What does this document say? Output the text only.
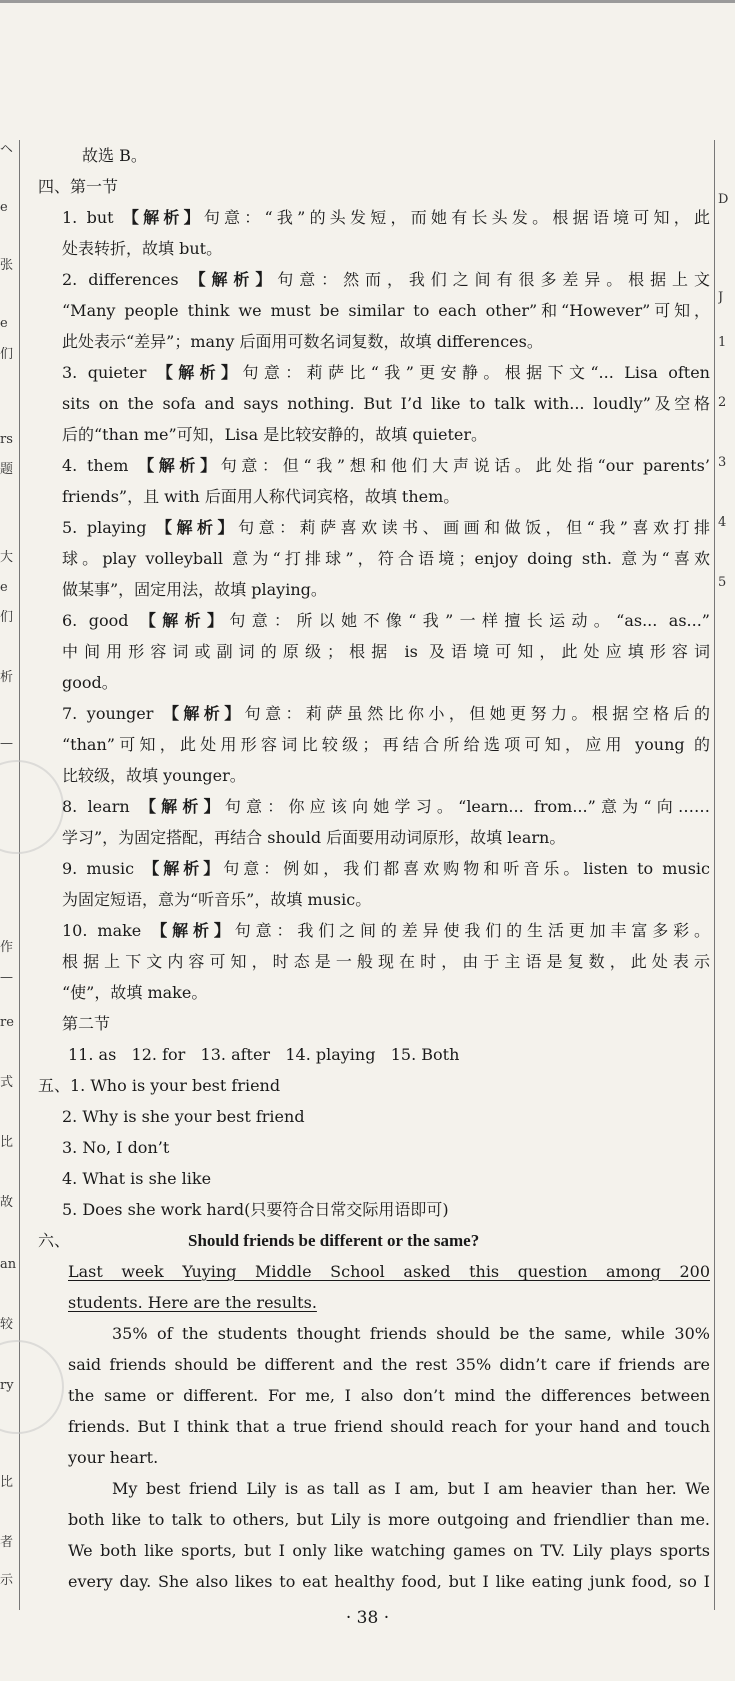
ヘ
e
张
e
们
rs
题
大
e
们
析
—
作
—
re
式
比
故
an
较
ry
比
者
示
D
J
1
2
3
4
5
故选 B。
四、第一节
1. but 【解析】句意：“我”的头发短，而她有长头发。根据语境可知，此
处表转折，故填 but。
2. differences 【解析】句意：然而，我们之间有很多差异。根据上文
“Many people think we must be similar to each other”和“However”可知，
此处表示“差异”；many 后面用可数名词复数，故填 differences。
3. quieter 【解析】句意：莉萨比“我”更安静。根据下文“... Lisa often
sits on the sofa and says nothing. But I’d like to talk with... loudly”及空格
后的“than me”可知，Lisa 是比较安静的，故填 quieter。
4. them 【解析】句意：但“我”想和他们大声说话。此处指“our parents’
friends”，且 with 后面用人称代词宾格，故填 them。
5. playing 【解析】句意：莉萨喜欢读书、画画和做饭，但“我”喜欢打排
球。play volleyball 意为“打排球”，符合语境；enjoy doing sth. 意为“喜欢
做某事”，固定用法，故填 playing。
6. good 【解析】句意：所以她不像“我”一样擅长运动。“as... as...”
中间用形容词或副词的原级；根据 is 及语境可知，此处应填形容词
good。
7. younger 【解析】句意：莉萨虽然比你小，但她更努力。根据空格后的
“than”可知，此处用形容词比较级；再结合所给选项可知，应用 young 的
比较级，故填 younger。
8. learn 【解析】句意：你应该向她学习。“learn... from...”意为“向……
学习”，为固定搭配，再结合 should 后面要用动词原形，故填 learn。
9. music 【解析】句意：例如，我们都喜欢购物和听音乐。listen to music
为固定短语，意为“听音乐”，故填 music。
10. make 【解析】句意：我们之间的差异使我们的生活更加丰富多彩。
根据上下文内容可知，时态是一般现在时，由于主语是复数，此处表示
“使”，故填 make。
第二节
11. as   12. for   13. after   14. playing   15. Both
五、1. Who is your best friend
2. Why is she your best friend
3. No, I don’t
4. What is she like
5. Does she work hard(只要符合日常交际用语即可)
六、	Should friends be different or the same?
Last week Yuying Middle School asked this question among 200
students. Here are the results.
35% of the students thought friends should be the same, while 30%
said friends should be different and the rest 35% didn’t care if friends are
the same or different. For me, I also don’t mind the differences between
friends. But I think that a true friend should reach for your hand and touch
your heart.
My best friend Lily is as tall as I am, but I am heavier than her. We
both like to talk to others, but Lily is more outgoing and friendlier than me.
We both like sports, but I only like watching games on TV. Lily plays sports
every day. She also likes to eat healthy food, but I like eating junk food, so I
· 38 ·
